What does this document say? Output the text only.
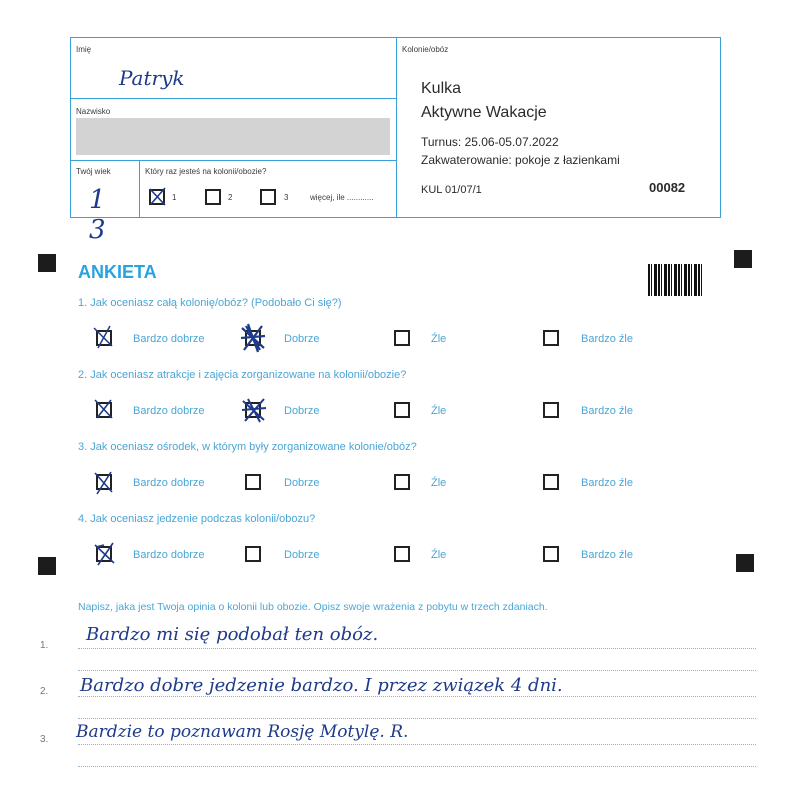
Imię
Patryk
Nazwisko
Twój wiek
1 3
Który raz jesteś na kolonii/obozie?
1	2	3	więcej, ile ............
Kolonie/obóz
Kulka
Aktywne Wakacje
Turnus: 25.06-05.07.2022
Zakwaterowanie: pokoje z łazienkami
KUL 01/07/1	00082
ANKIETA
1. Jak oceniasz całą kolonię/obóz? (Podobało Ci się?)
Bardzo dobrze	Dobrze	Źle	Bardzo źle
2. Jak oceniasz atrakcje i zajęcia zorganizowane na kolonii/obozie?
Bardzo dobrze	Dobrze	Źle	Bardzo źle
3. Jak oceniasz ośrodek, w którym były zorganizowane kolonie/obóz?
Bardzo dobrze	Dobrze	Źle	Bardzo źle
4. Jak oceniasz jedzenie podczas kolonii/obozu?
Bardzo dobrze	Dobrze	Źle	Bardzo źle
Napisz, jaka jest Twoja opinia o kolonii lub obozie. Opisz swoje wrażenia z pobytu w trzech zdaniach.
1.
Bardzo mi się podobał ten obóz.
2. Bardzo dobre jedzenie bardzo. I przez związek 4 dni.
3. Bardzie to poznawam Rosję Motylę. R.
